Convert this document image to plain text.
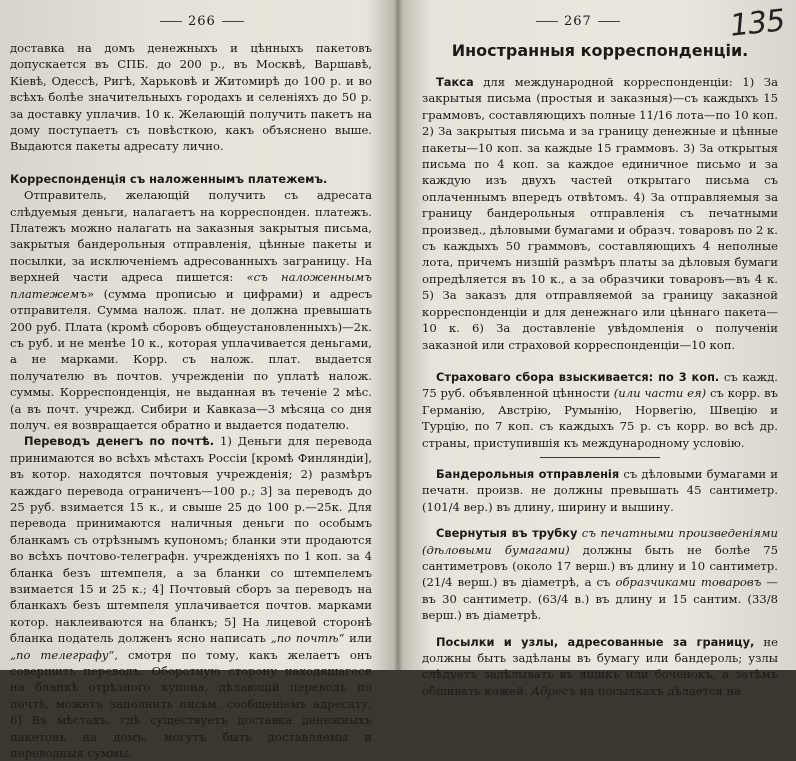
266

доставка на домъ денежныхъ и цѣнныхъ пакетовъ допускается въ СПБ. до 200 р., въ Москвѣ, Варшавѣ, Кіевѣ, Одессѣ, Ригѣ, Харьковѣ и Житомирѣ до 100 р. и во всѣхъ болѣе значительныхъ городахъ и селеніяхъ до 50 р. за доставку уплачив. 10 к. Желающій получить пакетъ на дому поступаетъ съ повѣсткою, какъ объяснено выше. Выдаются пакеты адресату лично.

Корреспонденція съ наложеннымъ платежемъ.

Отправитель, желающій получить съ адресата слѣдуемыя деньги, налагаетъ на корреспонден. платежъ. Платежъ можно налагать на заказныя закрытыя письма, закрытыя бандерольныя отправленія, цѣнные пакеты и посылки, за исключеніемъ адресованныхъ заграницу. На верхней части адреса пишется: «съ наложеннымъ платежемъ» (сумма прописью и цифрами) и адресъ отправителя. Сумма налож. плат. не должна превышать 200 руб. Плата (кромѣ сборовъ общеустановленныхъ)—2к. съ руб. и не менѣе 10 к., которая уплачивается деньгами, а не марками. Корр. съ налож. плат. выдается получателю въ почтов. учрежденіи по уплатѣ налож. суммы. Корреспонденція, не выданная въ теченіе 2 мѣс. (а въ почт. учрежд. Сибири и Кавказа—3 мѣсяца со дня получ. ея возвращается обратно и выдается подателю.

Переводъ денегъ по почтѣ. 1) Деньги для перевода принимаются во всѣхъ мѣстахъ Россіи [кромѣ Финляндіи], въ котор. находятся почтовыя учрежденія; 2) размѣръ каждаго перевода ограниченъ—100 р.; 3] за переводъ до 25 руб. взимается 15 к., и свыше 25 до 100 р.—25к. Для перевода принимаются наличныя деньги по особымъ бланкамъ съ отрѣзнымъ купономъ; бланки эти продаются во всѣхъ почтово-телеграфн. учрежденіяхъ по 1 коп. за 4 бланка безъ штемпеля, а за бланки со штемпелемъ взимается 15 и 25 к.; 4] Почтовый сборъ за переводъ на бланкахъ безъ штемпеля уплачивается почтов. марками котор. наклеиваются на бланкъ; 5] На лицевой сторонѣ бланка податель долженъ ясно написать „по почтѣ“ или „по телеграфу“, смотря по тому, какъ желаетъ онъ совершить переводъ. Оборотную сторону находящагося на бланкѣ отрѣзного купона, дѣлающій переводъ по почтѣ, можетъ заполнить письм. сообщеніемъ адресату; 6] Въ мѣстахъ, гдѣ существуетъ доставка денежныхъ пакетовъ на домъ, могутъ быть доставляемы и переводныя суммы.

267	135
Иностранныя корреспонденціи.

Такса для международной корреспонденціи: 1) За закрытыя письма (простыя и заказныя)—съ каждыхъ 15 граммовъ, составляющихъ полные 11/16 лота—по 10 коп. 2) За закрытыя письма и за границу денежные и цѣнные пакеты—10 коп. за каждые 15 граммовъ. 3) За открытыя письма по 4 коп. за каждое единичное письмо и за каждую изъ двухъ частей открытаго письма съ оплаченнымъ впередъ отвѣтомъ. 4) За отправляемыя за границу бандерольныя отправленія съ печатными произвед., дѣловыми бумагами и образч. товаровъ по 2 к. съ каждыхъ 50 граммовъ, составляющихъ 4 неполные лота, причемъ низшій размѣръ платы за дѣловыя бумаги опредѣляется въ 10 к., а за образчики товаровъ—въ 4 к. 5) За заказъ для отправляемой за границу заказной корреспонденціи и для денежнаго или цѣннаго пакета—10 к. 6) За доставленіе увѣдомленія о полученіи заказной или страховой корреспонденціи—10 коп.

Страховаго сбора взыскивается: по 3 коп. съ кажд. 75 руб. объявленной цѣнности (или части ея) съ корр. въ Германію, Австрію, Румынію, Норвегію, Швецію и Турцію, по 7 коп. съ каждыхъ 75 р. съ корр. во всѣ др. страны, приступившія къ международному условію.

Бандерольныя отправленія съ дѣловыми бумагами и печатн. произв. не должны превышать 45 сантиметр. (101/4 вер.) въ длину, ширину и вышину.

Свернутыя въ трубку съ печатными произведеніями (дѣловыми бумагами) должны быть не болѣе 75 сантиметровъ (около 17 верш.) въ длину и 10 сантиметр. (21/4 верш.) въ діаметрѣ, а съ образчиками товаровъ —въ 30 сантиметр. (63/4 в.) въ длину и 15 сантим. (33/8 верш.) въ діаметрѣ.

Посылки и узлы, адресованные за границу, не должны быть задѣланы въ бумагу или бандероль; узлы слѣдуетъ задѣлывать въ ящикъ или боченокъ, а затѣмъ обшивать кожей. Адресъ на посылкахъ дѣлается на
